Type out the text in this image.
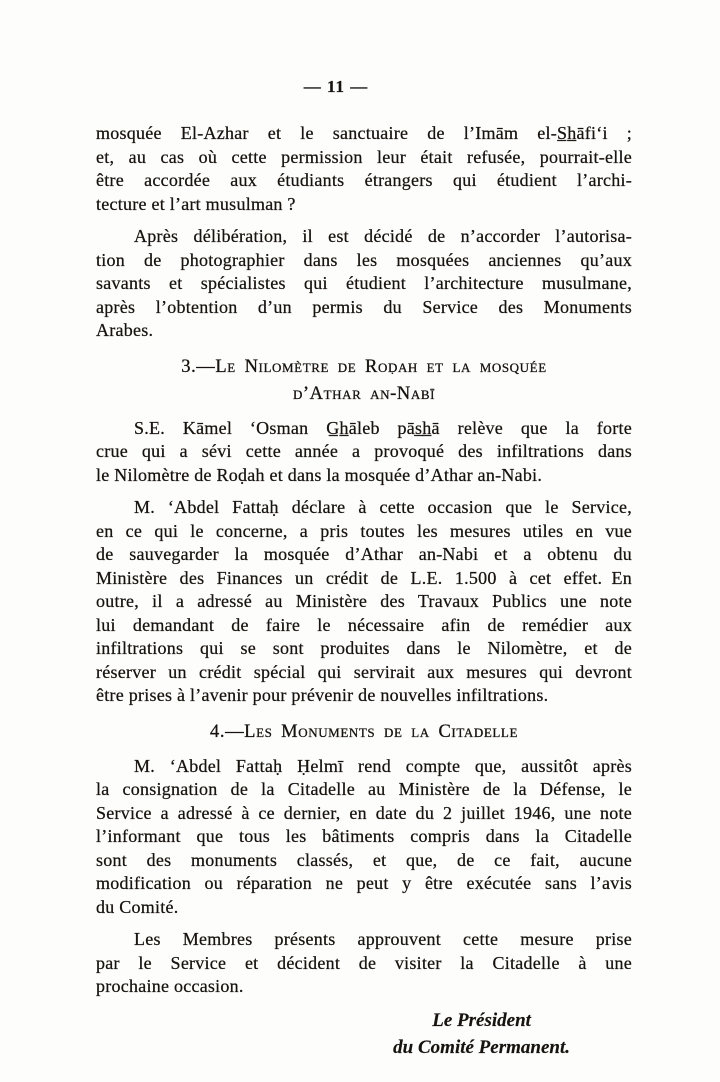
— 11 —
mosquée El-Azhar et le sanctuaire de l’Imām el-S̲h̲āfi‘i ;
et, au cas où cette permission leur était refusée, pourrait-elle
être accordée aux étudiants étrangers qui étudient l’archi-
tecture et l’art musulman ?
Après délibération, il est décidé de n’accorder l’autorisa-
tion de photographier dans les mosquées anciennes qu’aux
savants et spécialistes qui étudient l’architecture musulmane,
après l’obtention d’un permis du Service des Monuments
Arabes.
3.—Le Nilomètre de Roḍah et la mosquée
d’Athar an-Nabī
S.E. Kāmel ‘Osman G̲h̲āleb pās̲h̲ā relève que la forte
crue qui a sévi cette année a provoqué des infiltrations dans
le Nilomètre de Roḍah et dans la mosquée d’Athar an-Nabi.
M. ‘Abdel Fattaḥ déclare à cette occasion que le Service,
en ce qui le concerne, a pris toutes les mesures utiles en vue
de sauvegarder la mosquée d’Athar an-Nabi et a obtenu du
Ministère des Finances un crédit de L.E. 1.500 à cet effet. En
outre, il a adressé au Ministère des Travaux Publics une note
lui demandant de faire le nécessaire afin de remédier aux
infiltrations qui se sont produites dans le Nilomètre, et de
réserver un crédit spécial qui servirait aux mesures qui devront
être prises à l’avenir pour prévenir de nouvelles infiltrations.
4.—Les Monuments de la Citadelle
M. ‘Abdel Fattaḥ Ḥelmī rend compte que, aussitôt après
la consignation de la Citadelle au Ministère de la Défense, le
Service a adressé à ce dernier, en date du 2 juillet 1946, une note
l’informant que tous les bâtiments compris dans la Citadelle
sont des monuments classés, et que, de ce fait, aucune
modification ou réparation ne peut y être exécutée sans l’avis
du Comité.
Les Membres présents approuvent cette mesure prise
par le Service et décident de visiter la Citadelle à une
prochaine occasion.
Le Président
du Comité Permanent.
